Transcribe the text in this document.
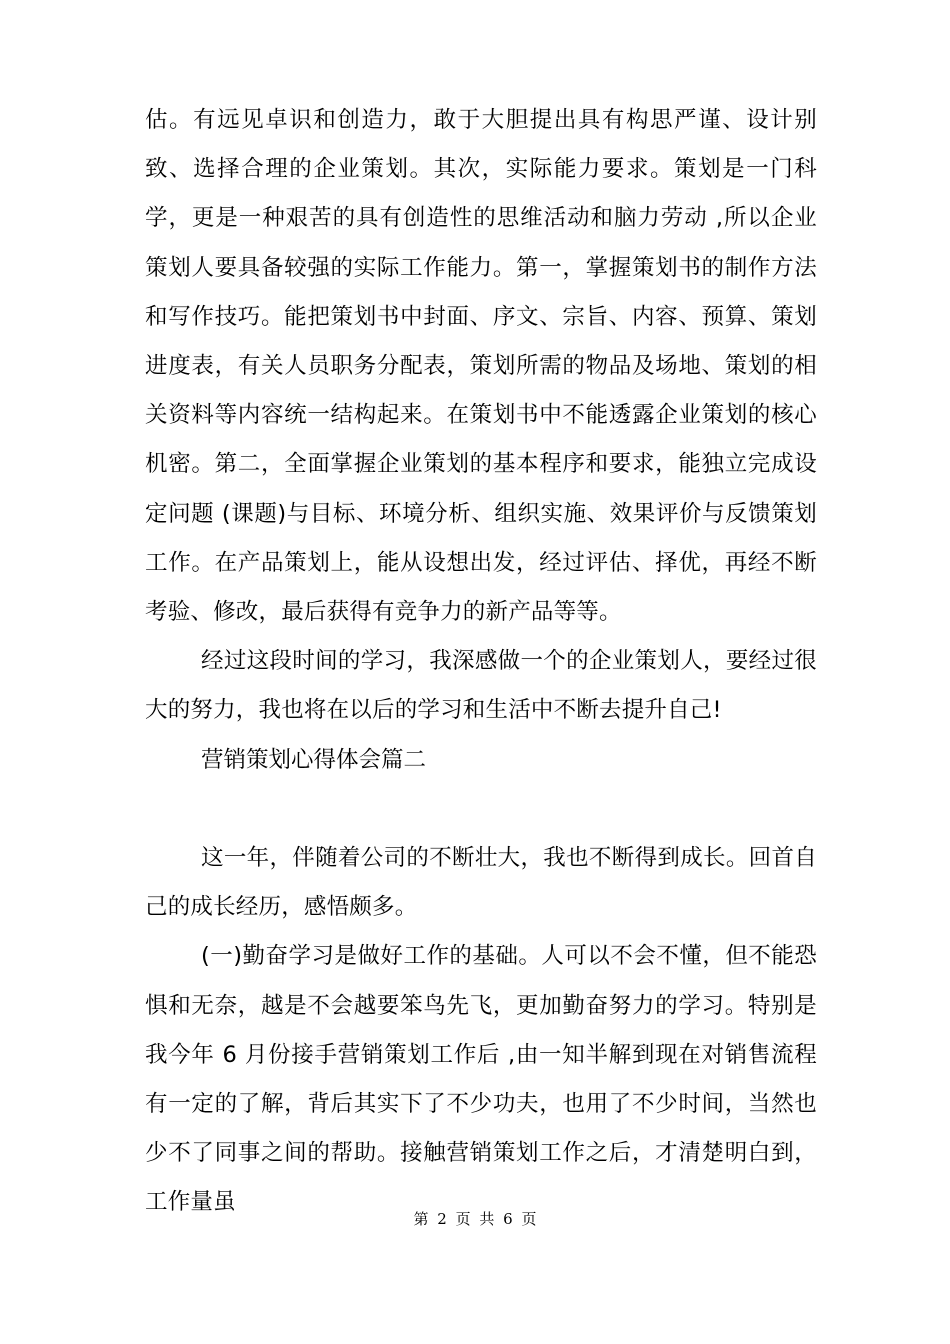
估。有远见卓识和创造力，敢于大胆提出具有构思严谨、设计别致、选择合理的企业策划。其次，实际能力要求。策划是一门科学，更是一种艰苦的具有创造性的思维活动和脑力劳动 ,所以企业策划人要具备较强的实际工作能力。第一，掌握策划书的制作方法和写作技巧。能把策划书中封面、序文、宗旨、内容、预算、策划进度表，有关人员职务分配表，策划所需的物品及场地、策划的相关资料等内容统一结构起来。在策划书中不能透露企业策划的核心机密。第二，全面掌握企业策划的基本程序和要求，能独立完成设定问题 (课题)与目标、环境分析、组织实施、效果评价与反馈策划工作。在产品策划上，能从设想出发，经过评估、择优，再经不断考验、修改，最后获得有竞争力的新产品等等。

经过这段时间的学习，我深感做一个的企业策划人，要经过很大的努力，我也将在以后的学习和生活中不断去提升自己!

营销策划心得体会篇二

这一年，伴随着公司的不断壮大，我也不断得到成长。回首自己的成长经历，感悟颇多。

(一)勤奋学习是做好工作的基础。人可以不会不懂，但不能恐惧和无奈，越是不会越要笨鸟先飞，更加勤奋努力的学习。特别是我今年 6 月份接手营销策划工作后 ,由一知半解到现在对销售流程有一定的了解，背后其实下了不少功夫，也用了不少时间，当然也少不了同事之间的帮助。接触营销策划工作之后，才清楚明白到，工作量虽

第 2 页 共 6 页
